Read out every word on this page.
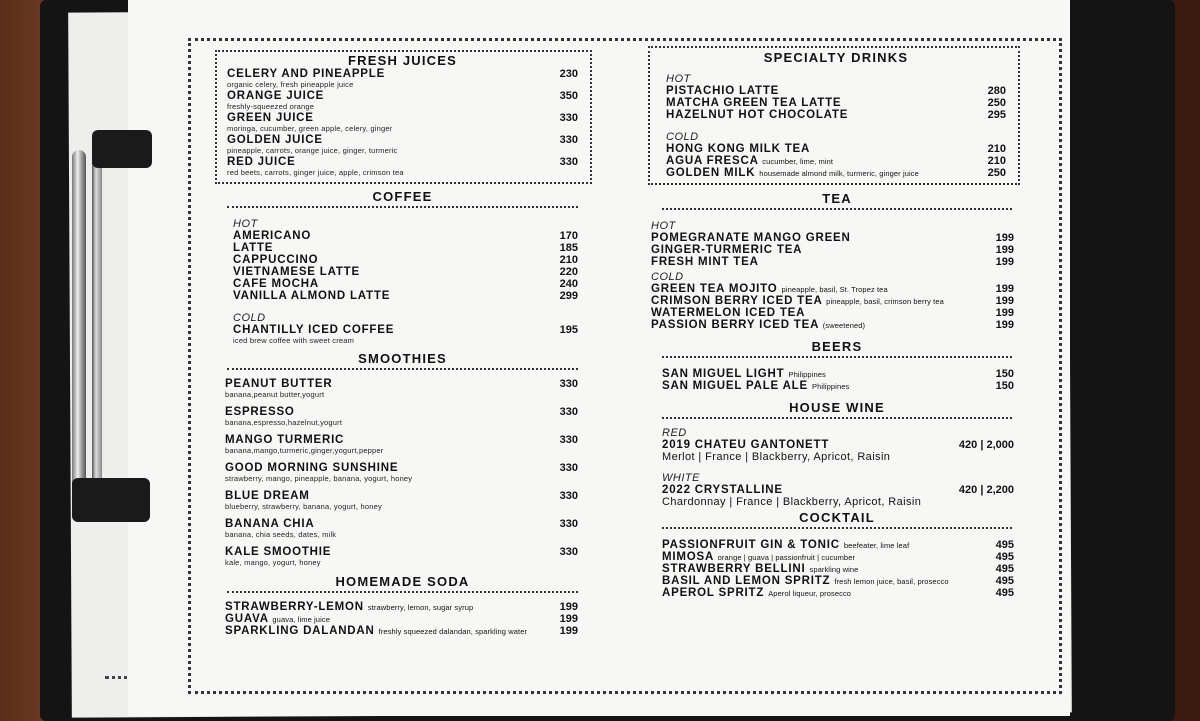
FRESH JUICES
CELERY AND PINEAPPLE	230
organic celery, fresh pineapple juice
ORANGE JUICE	350
freshly-squeezed orange
GREEN JUICE	330
moringa, cucumber, green apple, celery, ginger
GOLDEN JUICE	330
pineapple, carrots, orange juice, ginger, turmeric
RED JUICE	330
red beets, carrots, ginger juice, apple, crimson tea
COFFEE
HOT
AMERICANO	170
LATTE	185
CAPPUCCINO	210
VIETNAMESE LATTE	220
CAFE MOCHA	240
VANILLA ALMOND LATTE	299
COLD
CHANTILLY ICED COFFEE	195
iced brew coffee with sweet cream
SMOOTHIES
PEANUT BUTTER	330
banana,peanut butter,yogurt
ESPRESSO	330
banana,espresso,hazelnut,yogurt
MANGO TURMERIC	330
banana,mango,turmeric,ginger,yogurt,pepper
GOOD MORNING SUNSHINE	330
strawberry, mango, pineapple, banana, yogurt, honey
BLUE DREAM	330
blueberry, strawberry, banana, yogurt, honey
BANANA CHIA	330
banana, chia seeds, dates, milk
KALE SMOOTHIE	330
kale, mango, yogurt, honey
HOMEMADE SODA
STRAWBERRY-LEMON strawberry, lemon, sugar syrup	199
GUAVA guava, lime juice	199
SPARKLING DALANDAN freshly squeezed dalandan, sparkling water	199
SPECIALTY DRINKS
HOT
PISTACHIO LATTE	280
MATCHA GREEN TEA LATTE	250
HAZELNUT HOT CHOCOLATE	295
COLD
HONG KONG MILK TEA	210
AGUA FRESCA cucumber, lime, mint	210
GOLDEN MILK housemade almond milk, turmeric, ginger juice	250
TEA
HOT
POMEGRANATE MANGO GREEN	199
GINGER-TURMERIC TEA	199
FRESH MINT TEA	199
COLD
GREEN TEA MOJITO pineapple, basil, St. Tropez tea	199
CRIMSON BERRY ICED TEA pineapple, basil, crimson berry tea	199
WATERMELON ICED TEA	199
PASSION BERRY ICED TEA (sweetened)	199
BEERS
SAN MIGUEL LIGHT Philippines	150
SAN MIGUEL PALE ALE Philippines	150
HOUSE WINE
RED
2019 CHATEU GANTONETT	420 | 2,000
Merlot | France | Blackberry, Apricot, Raisin
WHITE
2022 CRYSTALLINE	420 | 2,200
Chardonnay | France | Blackberry, Apricot, Raisin
COCKTAIL
PASSIONFRUIT GIN & TONIC beefeater, lime leaf	495
MIMOSA orange | guava | passionfruit | cucumber	495
STRAWBERRY BELLINI sparkling wine	495
BASIL AND LEMON SPRITZ fresh lemon juice, basil, prosecco	495
APEROL SPRITZ Aperol liqueur, prosecco	495
